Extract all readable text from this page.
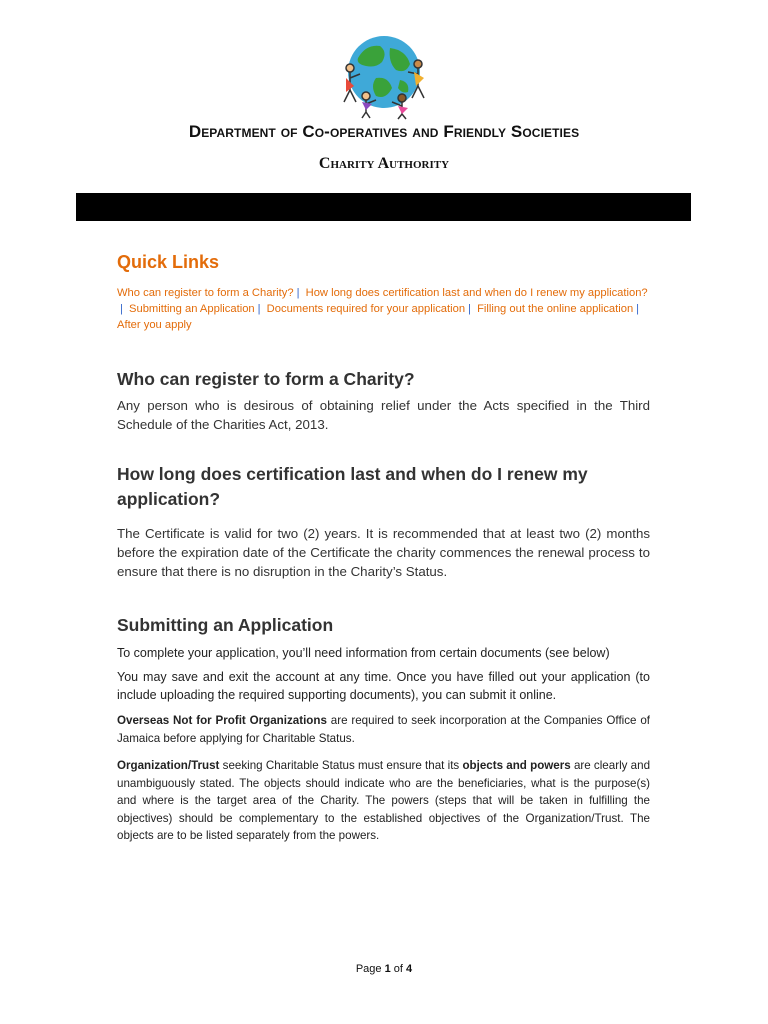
Department of Co-operatives and Friendly Societies
Charity Authority
Quick Links
Who can register to form a Charity? | How long does certification last and when do I renew my application?| Submitting an Application | Documents required for your application | Filling out the online application | After you apply
Who can register to form a Charity?

Any person who is desirous of obtaining relief under the Acts specified in the Third Schedule of the Charities Act, 2013.

How long does certification last and when do I renew my application?

The Certificate is valid for two (2) years. It is recommended that at least two (2) months before the expiration date of the Certificate the charity commences the renewal process to ensure that there is no disruption in the Charity’s Status.

Submitting an Application

To complete your application, you’ll need information from certain documents (see below)

You may save and exit the account at any time. Once you have filled out your application (to include uploading the required supporting documents), you can submit it online.

Overseas Not for Profit Organizations are required to seek incorporation at the Companies Office of Jamaica before applying for Charitable Status.

Organization/Trust seeking Charitable Status must ensure that its objects and powers are clearly and unambiguously stated. The objects should indicate who are the beneficiaries, what is the purpose(s) and where is the target area of the Charity. The powers (steps that will be taken in fulfilling the objectives) should be complementary to the established objectives of the Organization/Trust. The objects are to be listed separately from the powers.

Page 1 of 4
